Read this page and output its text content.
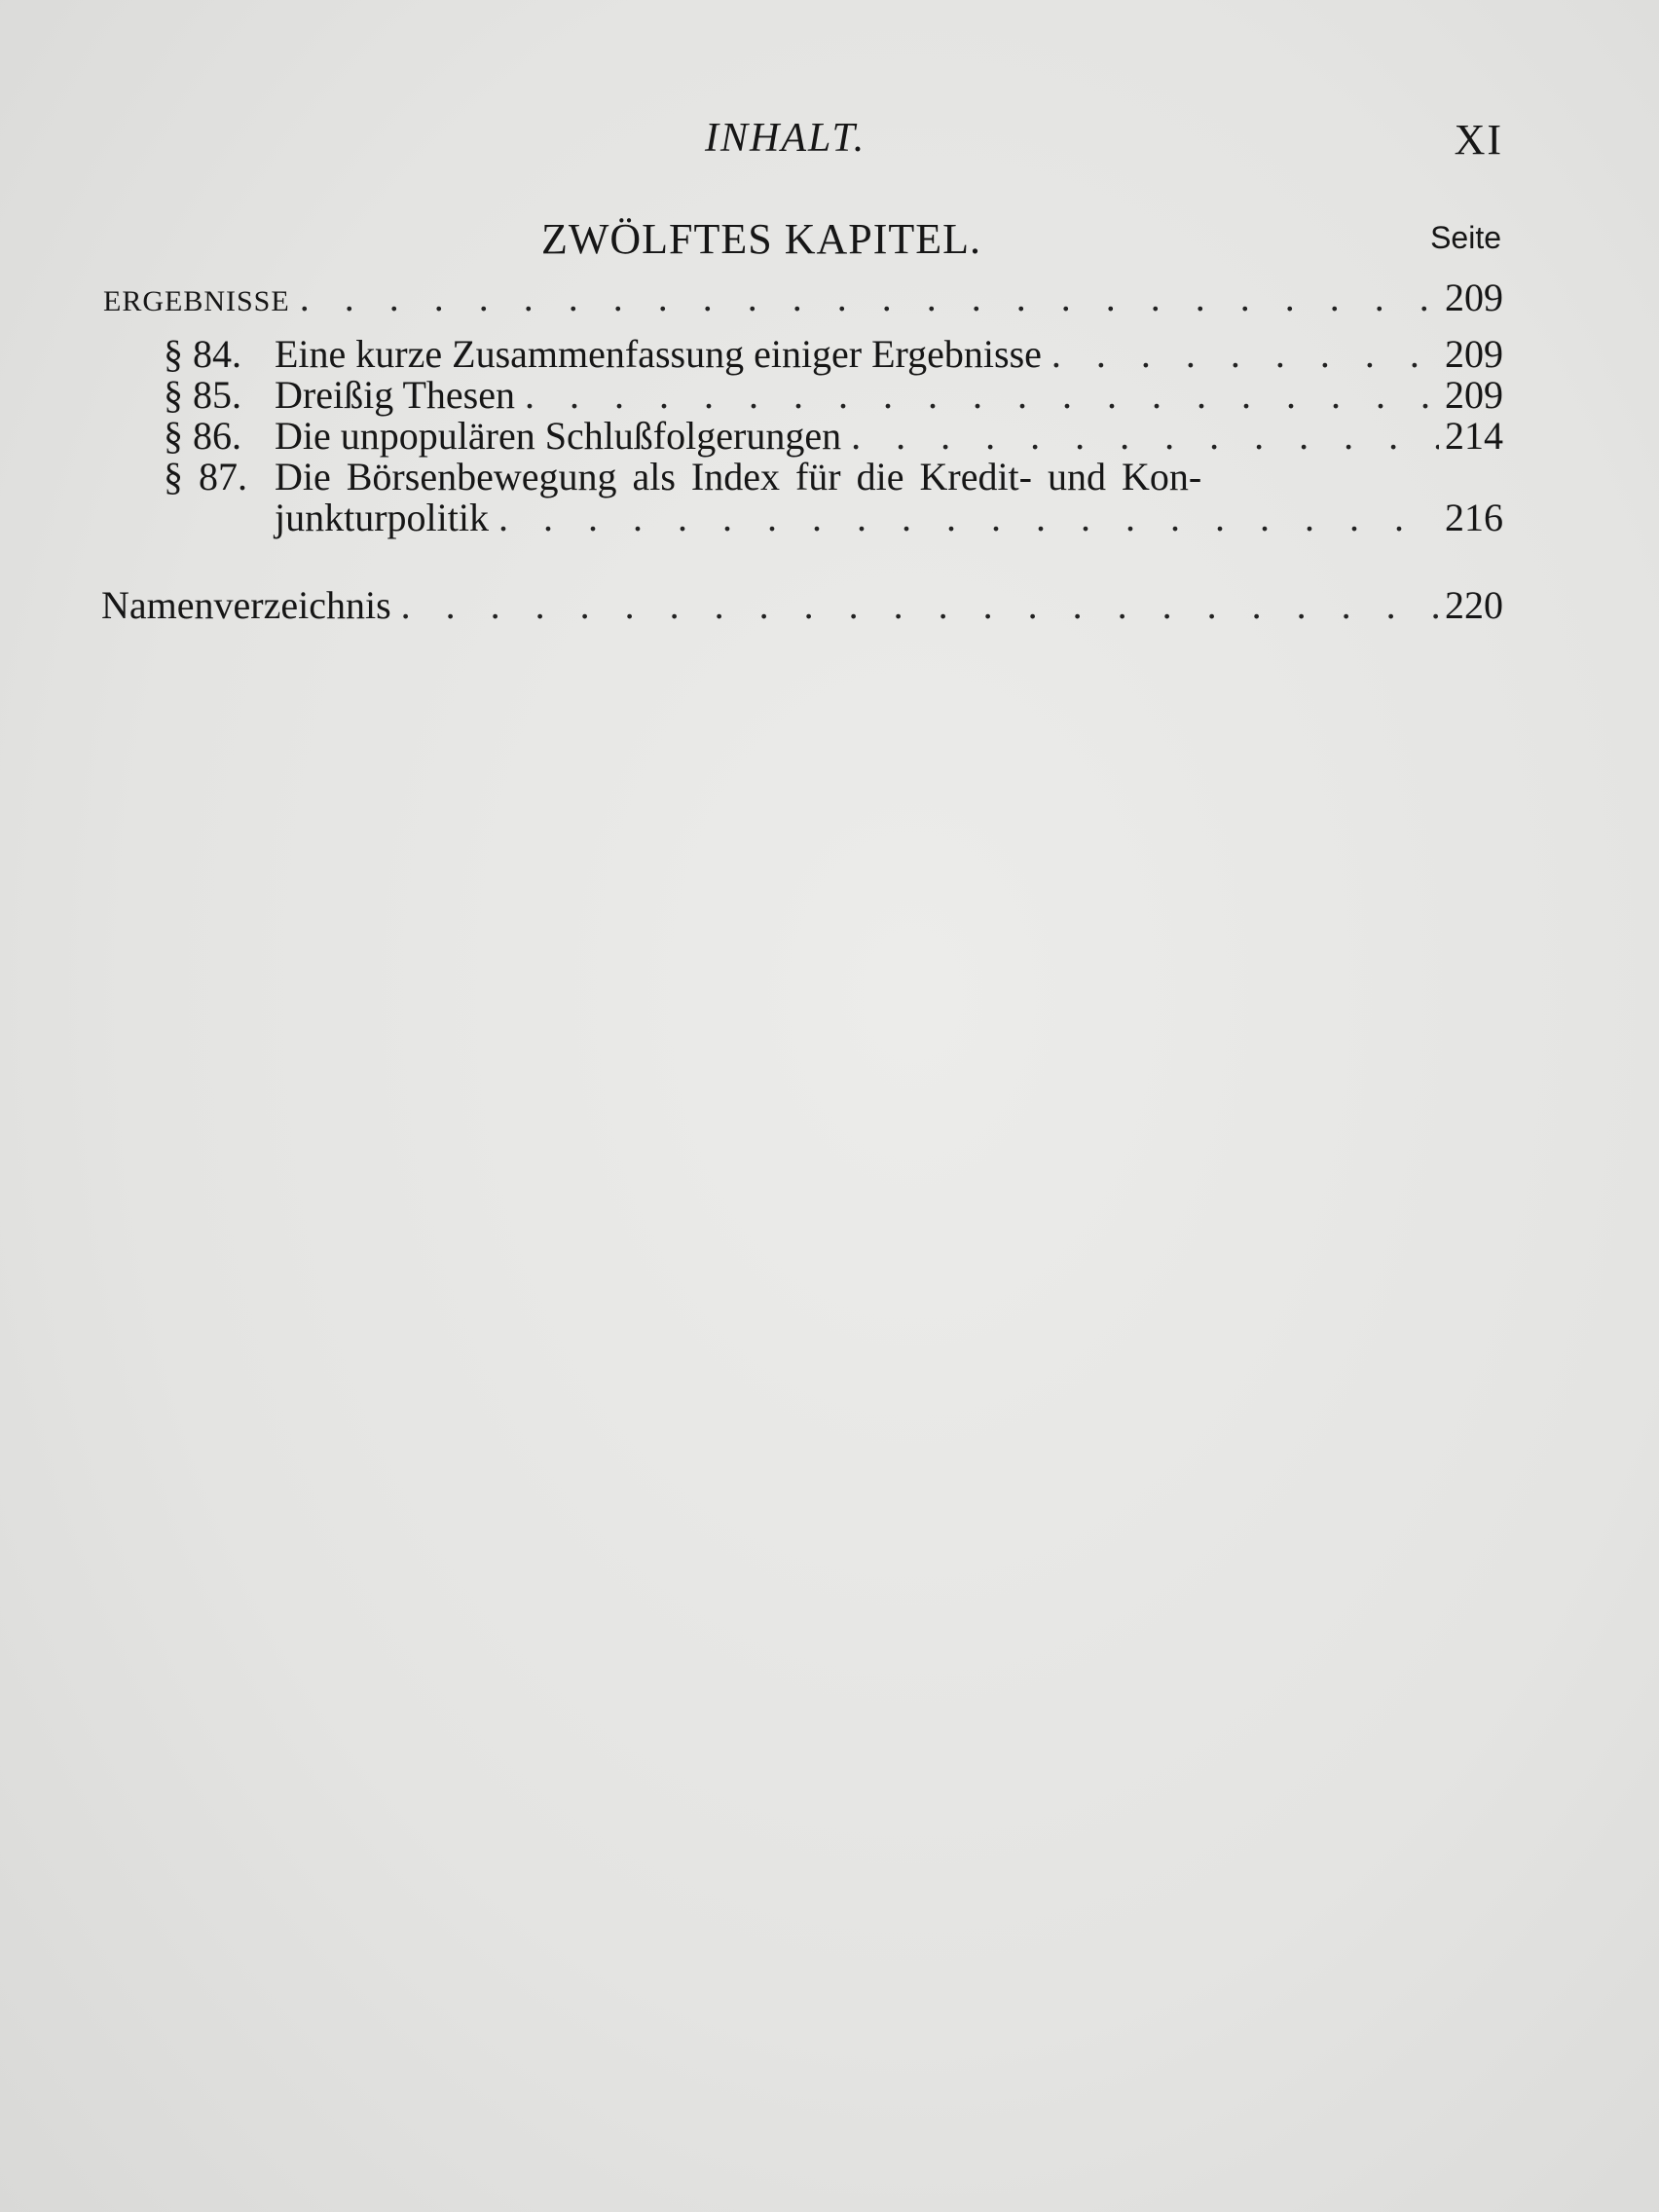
INHALT.	XI
ZWÖLFTES KAPITEL.	Seite
ERGEBNISSE . . .	209
§ 84. Eine kurze Zusammenfassung einiger Ergebnisse . . .	209
§ 85. Dreißig Thesen . . .	209
§ 86. Die unpopulären Schlußfolgerungen . . .	214
§ 87. Die Börsenbewegung als Index für die Kredit- und Kon-
junkturpolitik . . .	216
Namenverzeichnis . . .	220
